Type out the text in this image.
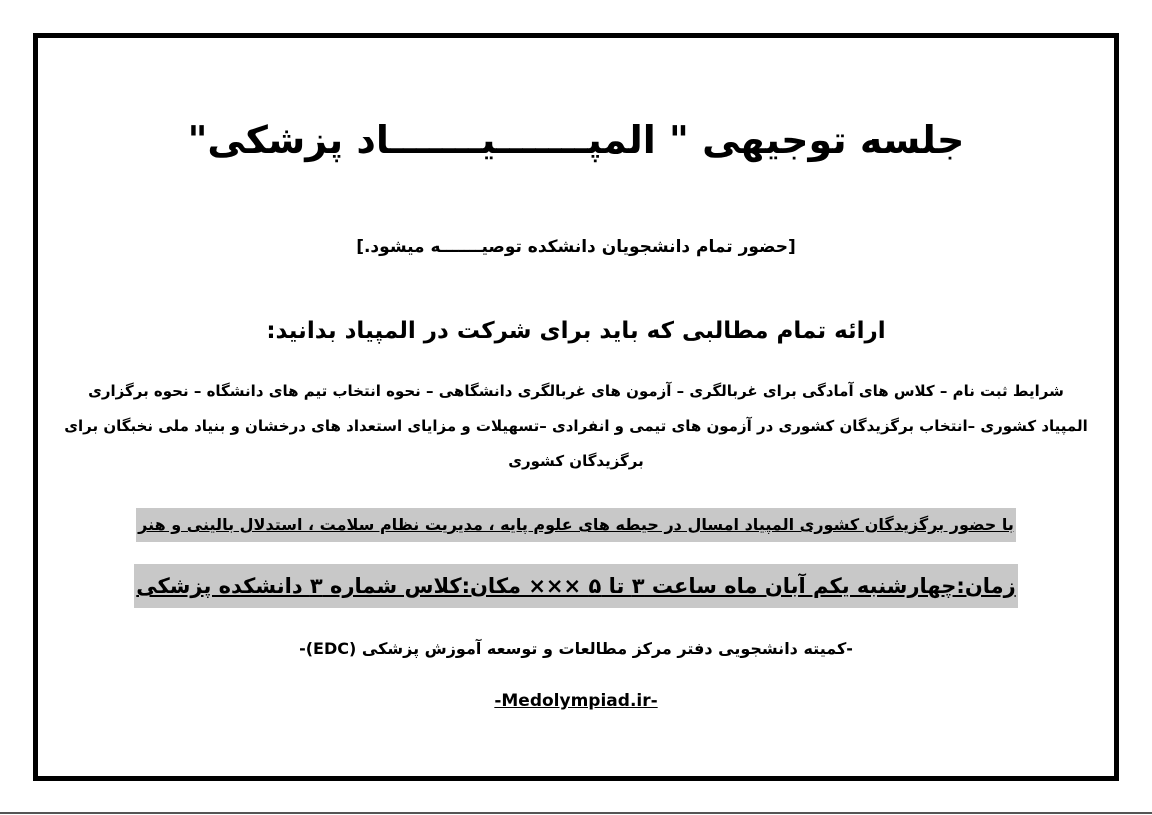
جلسه توجیهی " المپـــــــیـــــــاد پزشکی"
[حضور تمام دانشجویان دانشکده توصیـــــــه میشود.]
ارائه تمام مطالبی که باید برای شرکت در المپیاد بدانید:
شرایط ثبت نام – کلاس های آمادگی برای غربالگری – آزمون های غربالگری دانشگاهی – نحوه انتخاب تیم های دانشگاه – نحوه برگزاری
المپیاد کشوری –انتخاب برگزیدگان کشوری در آزمون های تیمی و انفرادی –تسهیلات و مزایای استعداد های درخشان و بنیاد ملی نخبگان برای
برگزیدگان کشوری
با حضور برگزیدگان کشوری المپیاد امسال در حیطه های علوم پایه ، مدیریت نظام سلامت ، استدلال بالینی و هنر
زمان:چهارشنبه یکم آبان ماه ساعت ۳ تا ۵ ××× مکان:کلاس شماره ۳ دانشکده پزشکی
-کمیته دانشجویی دفتر مرکز مطالعات و توسعه آموزش پزشکی (EDC)-
-Medolympiad.ir-
